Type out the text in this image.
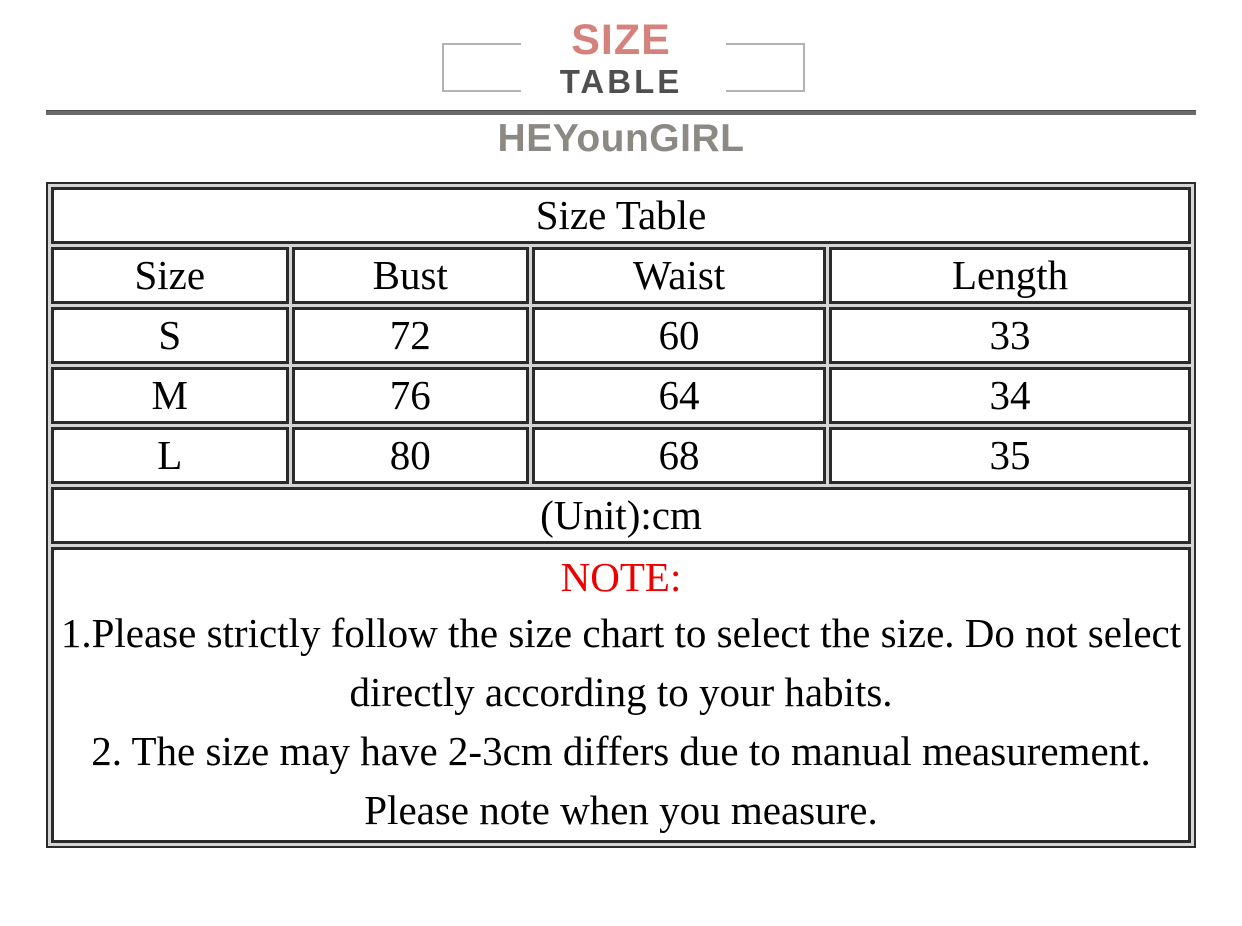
SIZE
TABLE
HEYounGIRL
Size Table			
Size	Bust	Waist	Length
S	72	60	33
M	76	64	34
L	80	68	35
(Unit):cm			

NOTE:
1.Please strictly follow the size chart to select the size. Do not select directly according to your habits.
2. The size may have 2-3cm differs due to manual measurement. Please note when you measure.			
